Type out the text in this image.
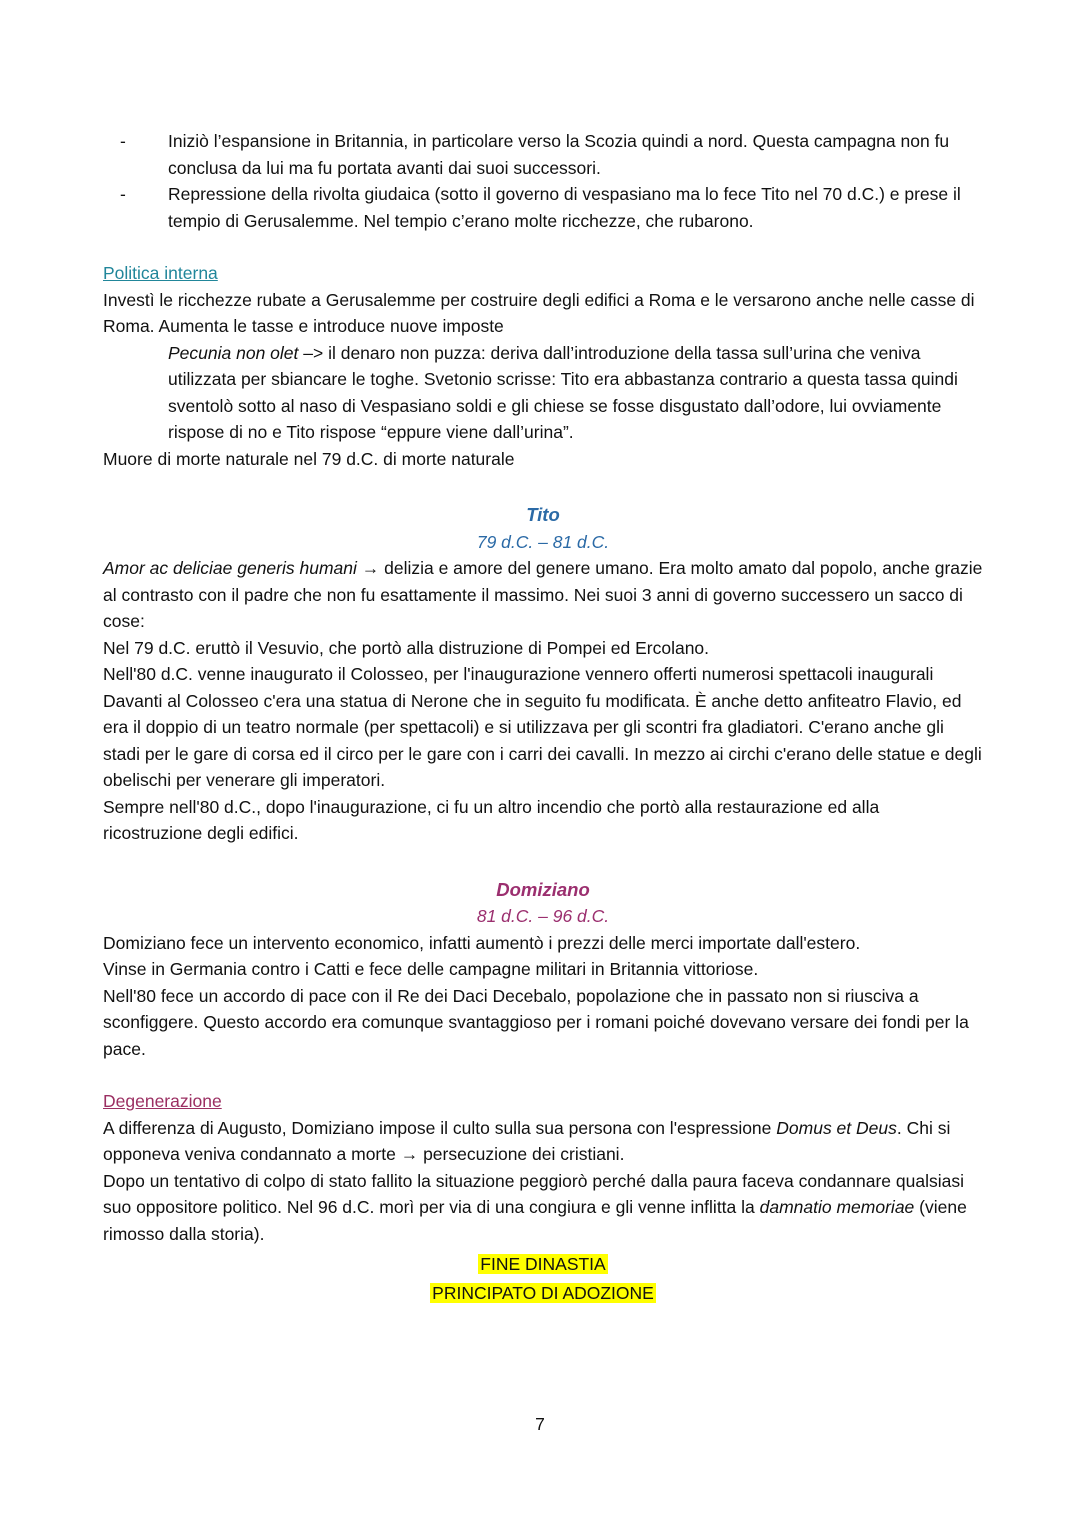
- Iniziò l’espansione in Britannia, in particolare verso la Scozia quindi a nord. Questa campagna non fu conclusa da lui ma fu portata avanti dai suoi successori.

- Repressione della rivolta giudaica (sotto il governo di vespasiano ma lo fece Tito nel 70 d.C.) e prese il tempio di Gerusalemme. Nel tempio c’erano molte ricchezze, che rubarono.

Politica interna

Investì le ricchezze rubate a Gerusalemme per costruire degli edifici a Roma e le versarono anche nelle casse di Roma. Aumenta le tasse e introduce nuove imposte

Pecunia non olet –> il denaro non puzza: deriva dall’introduzione della tassa sull’urina che veniva utilizzata per sbiancare le toghe. Svetonio scrisse: Tito era abbastanza contrario a questa tassa quindi sventolò sotto al naso di Vespasiano soldi e gli chiese se fosse disgustato dall’odore, lui ovviamente rispose di no e Tito rispose “eppure viene dall’urina”.

Muore di morte naturale nel 79 d.C. di morte naturale

Tito

79 d.C. – 81 d.C.

Amor ac deliciae generis humani → delizia e amore del genere umano. Era molto amato dal popolo, anche grazie al contrasto con il padre che non fu esattamente il massimo. Nei suoi 3 anni di governo successero un sacco di cose:

Nel 79 d.C. eruttò il Vesuvio, che portò alla distruzione di Pompei ed Ercolano.

Nell'80 d.C. venne inaugurato il Colosseo, per l'inaugurazione vennero offerti numerosi spettacoli inaugurali

Davanti al Colosseo c'era una statua di Nerone che in seguito fu modificata. È anche detto anfiteatro Flavio, ed era il doppio di un teatro normale (per spettacoli) e si utilizzava per gli scontri fra gladiatori. C'erano anche gli stadi per le gare di corsa ed il circo per le gare con i carri dei cavalli. In mezzo ai circhi c'erano delle statue e degli obelischi per venerare gli imperatori.

Sempre nell'80 d.C., dopo l'inaugurazione, ci fu un altro incendio che portò alla restaurazione ed alla ricostruzione degli edifici.

Domiziano

81 d.C. – 96 d.C.

Domiziano fece un intervento economico, infatti aumentò i prezzi delle merci importate dall'estero.

Vinse in Germania contro i Catti e fece delle campagne militari in Britannia vittoriose.

Nell'80 fece un accordo di pace con il Re dei Daci Decebalo, popolazione che in passato non si riusciva a sconfiggere. Questo accordo era comunque svantaggioso per i romani poiché dovevano versare dei fondi per la pace.

Degenerazione

A differenza di Augusto, Domiziano impose il culto sulla sua persona con l'espressione Domus et Deus. Chi si opponeva veniva condannato a morte → persecuzione dei cristiani.

Dopo un tentativo di colpo di stato fallito la situazione peggiorò perché dalla paura faceva condannare qualsiasi suo oppositore politico. Nel 96 d.C. morì per via di una congiura e gli venne inflitta la damnatio memoriae (viene rimosso dalla storia).

FINE DINASTIA

PRINCIPATO DI ADOZIONE

7
